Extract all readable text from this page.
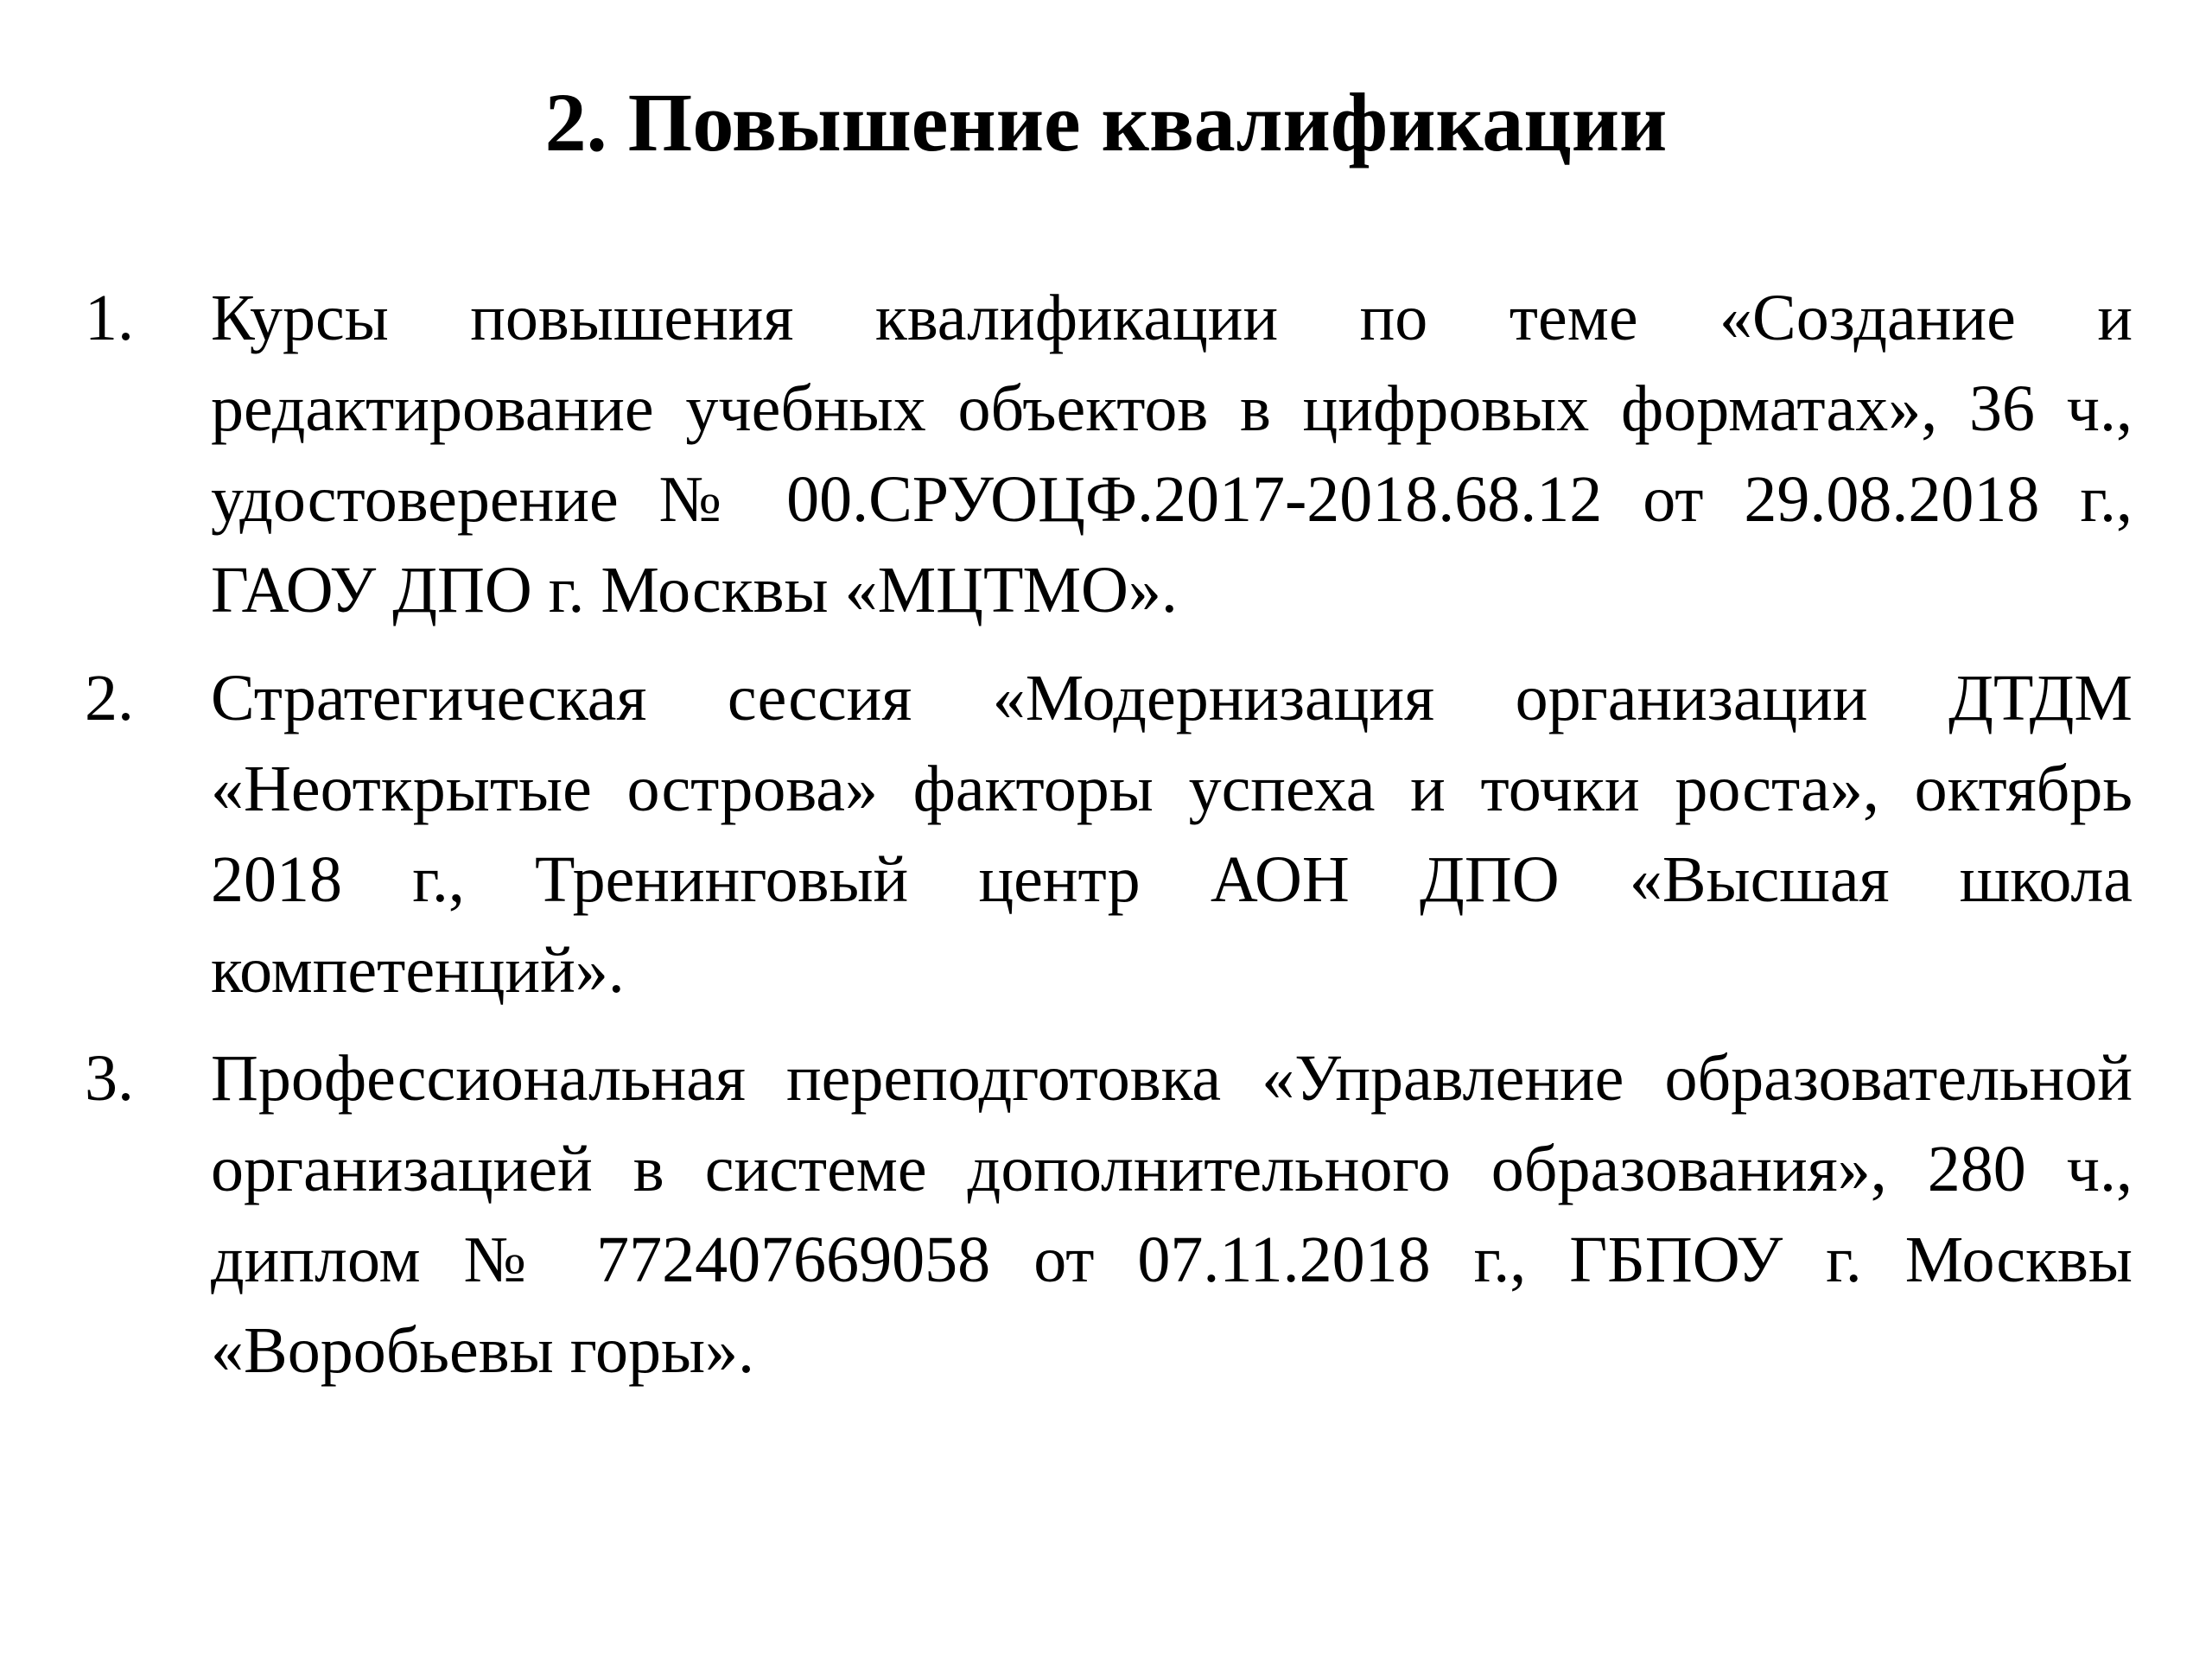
2. Повышение квалификации
1. Курсы повышения квалификации по теме «Создание и редактирование учебных объектов в цифровых форматах», 36 ч., удостоверение № 00.СРУОЦФ.2017-2018.68.12 от 29.08.2018 г., ГАОУ ДПО г. Москвы «МЦТМО».
2. Стратегическая сессия «Модернизация организации ДТДМ «Неоткрытые острова» факторы успеха и точки роста», октябрь 2018 г., Тренинговый центр АОН ДПО «Высшая школа компетенций».
3. Профессиональная переподготовка «Управление образовательной организацией в системе дополнительного образования», 280 ч., диплом № 772407669058 от 07.11.2018 г., ГБПОУ г. Москвы «Воробьевы горы».
